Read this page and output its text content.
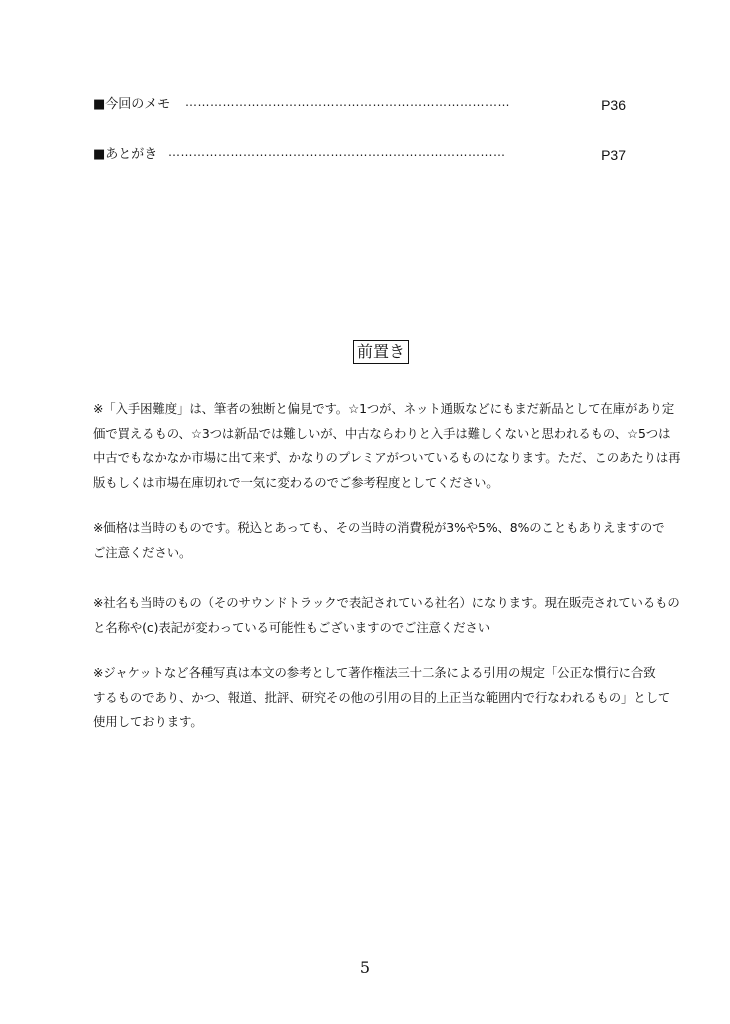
■今回のメモ ……………………………………………………………………	P36
■あとがき ………………………………………………………………………	P37
前置き
※「入手困難度」は、筆者の独断と偏見です。☆1つが、ネット通販などにもまだ新品として在庫があり定
価で買えるもの、☆3つは新品では難しいが、中古ならわりと入手は難しくないと思われるもの、☆5つは
中古でもなかなか市場に出て来ず、かなりのプレミアがついているものになります。ただ、このあたりは再
版もしくは市場在庫切れで一気に変わるのでご参考程度としてください。
※価格は当時のものです。税込とあっても、その当時の消費税が3%や5%、8%のこともありえますので
ご注意ください。
※社名も当時のもの（そのサウンドトラックで表記されている社名）になります。現在販売されているもの
と名称や(c)表記が変わっている可能性もございますのでご注意ください
※ジャケットなど各種写真は本文の参考として著作権法三十二条による引用の規定「公正な慣行に合致
するものであり、かつ、報道、批評、研究その他の引用の目的上正当な範囲内で行なわれるもの」として
使用しております。
5
